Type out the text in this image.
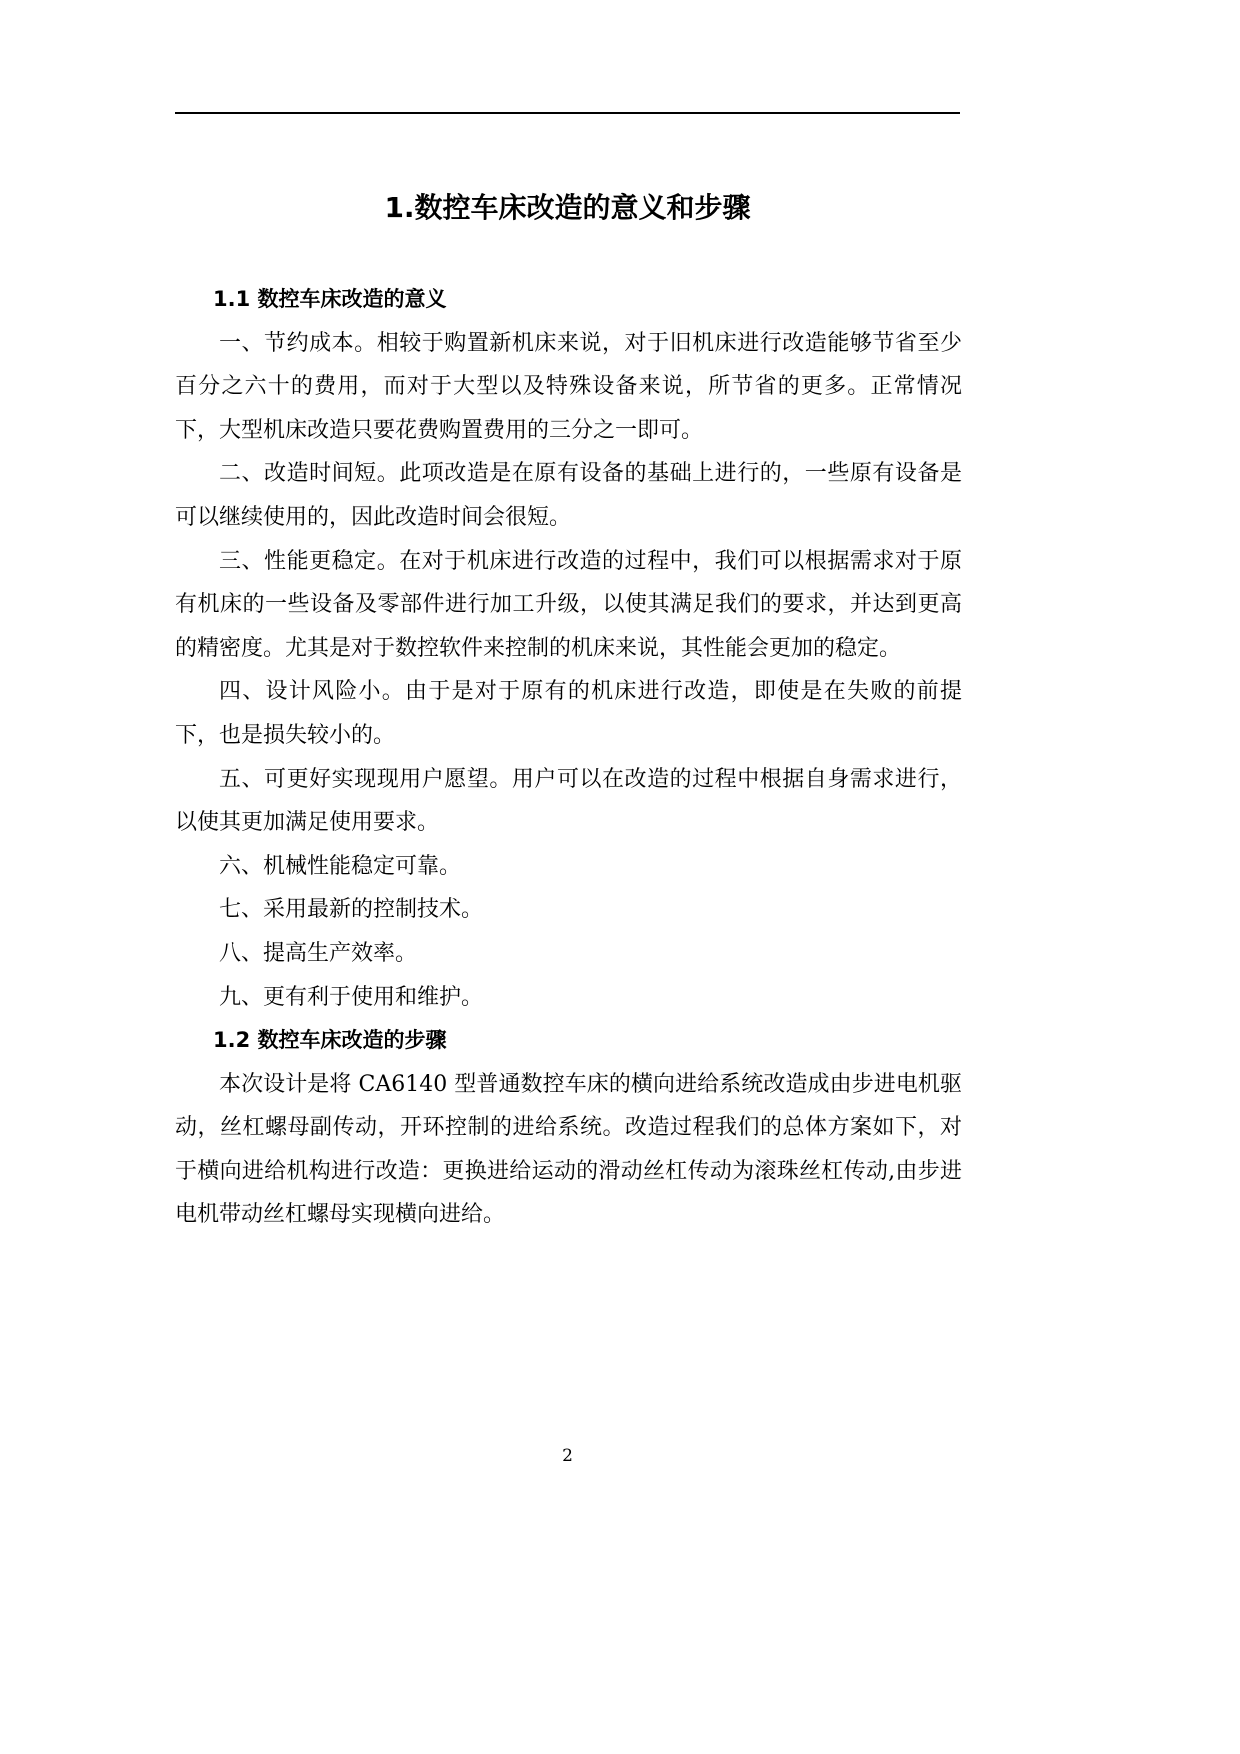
1.数控车床改造的意义和步骤
1.1 数控车床改造的意义

一、节约成本。相较于购置新机床来说，对于旧机床进行改造能够节省至少百分之六十的费用，而对于大型以及特殊设备来说，所节省的更多。正常情况下，大型机床改造只要花费购置费用的三分之一即可。

二、改造时间短。此项改造是在原有设备的基础上进行的，一些原有设备是可以继续使用的，因此改造时间会很短。

三、性能更稳定。在对于机床进行改造的过程中，我们可以根据需求对于原有机床的一些设备及零部件进行加工升级，以使其满足我们的要求，并达到更高的精密度。尤其是对于数控软件来控制的机床来说，其性能会更加的稳定。

四、设计风险小。由于是对于原有的机床进行改造，即使是在失败的前提下，也是损失较小的。

五、可更好实现现用户愿望。用户可以在改造的过程中根据自身需求进行，以使其更加满足使用要求。

六、机械性能稳定可靠。

七、采用最新的控制技术。

八、提高生产效率。

九、更有利于使用和维护。

1.2 数控车床改造的步骤

本次设计是将 CA6140 型普通数控车床的横向进给系统改造成由步进电机驱动，丝杠螺母副传动，开环控制的进给系统。改造过程我们的总体方案如下，对于横向进给机构进行改造：更换进给运动的滑动丝杠传动为滚珠丝杠传动,由步进电机带动丝杠螺母实现横向进给。

2
